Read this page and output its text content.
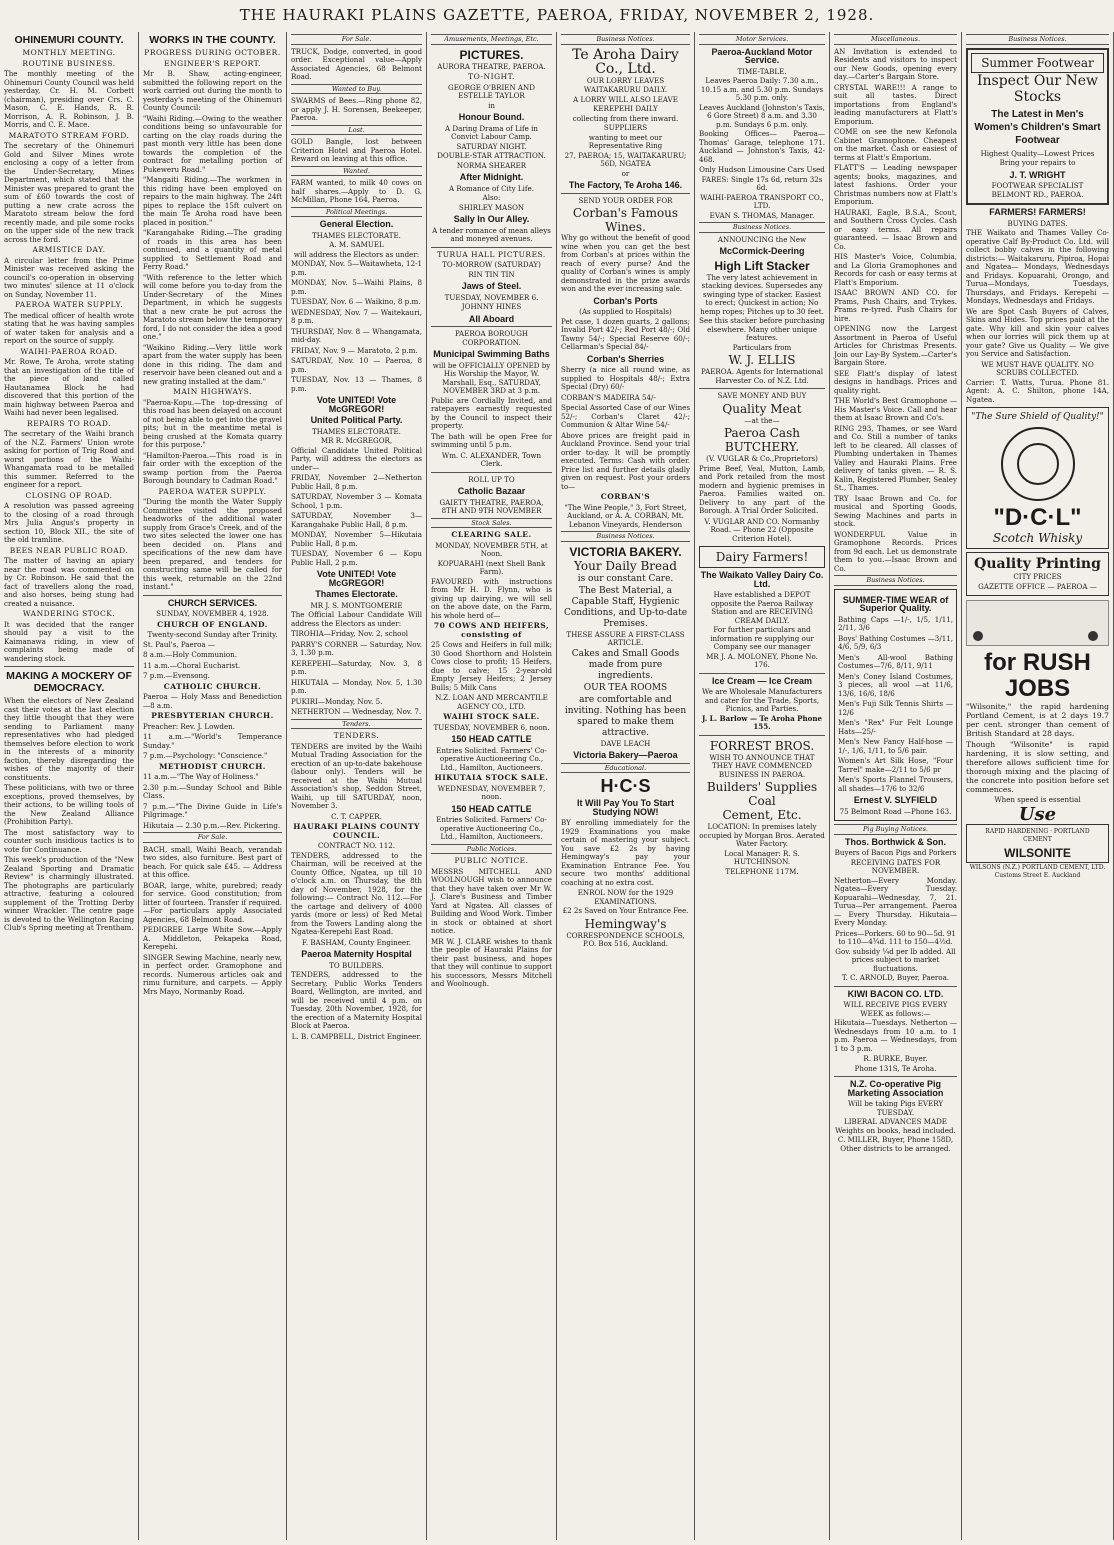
THE HAURAKI PLAINS GAZETTE, PAEROA, FRIDAY, NOVEMBER 2, 1928.
OHINEMURI COUNTY.
MONTHLY MEETING.
ROUTINE BUSINESS.
The monthly meeting of the Ohinemuri County Council was held yesterday, Cr. H. M. Corbett (chairman), presiding over Crs. C. Mason, C. E. Hands, R. R. Morrison, A. R. Robinson, J. B. Morris, and C. E. Mace.
MARATOTO STREAM FORD.
The secretary of the Ohinemuri Gold and Silver Mines wrote enclosing a copy of a letter from the Under-Secretary, Mines Department, which stated that the Minister was prepared to grant the sum of £60 towards the cost of putting a new crate across the Maratoto stream below the ford recently made, and pile some rocks on the upper side of the new track across the ford.
ARMISTICE DAY.
A circular letter from the Prime Minister was received asking the council's co-operation in observing two minutes' silence at 11 o'clock on Sunday, November 11.
PAEROA WATER SUPPLY.
The medical officer of health wrote stating that he was having samples of water taken for analysis and a report on the source of supply.
WAIHI-PAEROA ROAD.
Mr. Rowe, Te Aroha, wrote stating that an investigation of the title of the piece of land called Hautanamea Block he had discovered that this portion of the main highway between Paeroa and Waihi had never been legalised.
REPAIRS TO ROAD.
The secretary of the Waihi branch of the N.Z. Farmers' Union wrote asking for portion of Trig Road and worst portions of the Waihi-Whangamata road to be metalled this summer. Referred to the engineer for a report.
CLOSING OF ROAD.
A resolution was passed agreeing to the closing of a road through Mrs Julia Angus's property in section 10, Block XII., the site of the old tramline.
BEES NEAR PUBLIC ROAD.
The matter of having an apiary near the road was commented on by Cr. Robinson. He said that the fact of travellers along the road, and also horses, being stung had created a nuisance.
WANDERING STOCK.
It was decided that the ranger should pay a visit to the Kaimanawa riding, in view of complaints being made of wandering stock.
MAKING A MOCKERY OF DEMOCRACY.
When the electors of New Zealand cast their votes at the last election they little thought that they were sending to Parliament many representatives who had pledged themselves before election to work in the interests of a minority faction, thereby disregarding the wishes of the majority of their constituents.
These politicians, with two or three exceptions, proved themselves, by their actions, to be willing tools of the New Zealand Alliance (Prohibition Party).
The most satisfactory way to counter such insidious tactics is to vote for Continuance.
This week's production of the "New Zealand Sporting and Dramatic Review" is charmingly illustrated. The photographs are particularly attractive, featuring a coloured supplement of the Trotting Derby winner Wrackler. The centre page is devoted to the Wellington Racing Club's Spring meeting at Trentham.
WORKS IN THE COUNTY.
PROGRESS DURING OCTOBER.
ENGINEER'S REPORT.
Mr B. Shaw, acting-engineer, submitted the following report on the work carried out during the month to yesterday's meeting of the Ohinemuri County Council:
"Waihi Riding.—Owing to the weather conditions being so unfavourable for carting on the clay roads during the past month very little has been done towards the completion of the contract for metalling portion of Pukeweru Road."
"Mangaiti Riding.—The workmen in this riding have been employed on repairs to the main highway. The 24ft pipes to replace the 15ft culvert on the main Te Aroha road have been placed in position."
"Karangahake Riding.—The grading of roads in this area has been continued, and a quantity of metal supplied to Settlement Road and Ferry Road."
"With reference to the letter which will come before you to-day from the Under-Secretary of the Mines Department, in which he suggests that a new crate be put across the Maratoto stream below the temporary ford, I do not consider the idea a good one."
"Waikino Riding.—Very little work apart from the water supply has been done in this riding. The dam and reservoir have been cleaned out and a new grating installed at the dam."
MAIN HIGHWAYS.
"Paeroa-Kopu.—The top-dressing of this road has been delayed on account of not being able to get into the gravel pits; but in the meantime metal is being crushed at the Komata quarry for this purpose."
"Hamilton-Paeroa.—This road is in fair order with the exception of the swamp portion from the Paeroa Borough boundary to Cadman Road."
PAEROA WATER SUPPLY.
"During the month the Water Supply Committee visited the proposed headworks of the additional water supply from Grace's Creek, and of the two sites selected the lower one has been decided on. Plans and specifications of the new dam have been prepared, and tenders for constructing same will be called for this week, returnable on the 22nd instant."
CHURCH SERVICES.
SUNDAY, NOVEMBER 4, 1928.
CHURCH OF ENGLAND.
Twenty-second Sunday after Trinity.
St. Paul's, Paeroa —
8 a.m.—Holy Communion.
11 a.m.—Choral Eucharist.
7 p.m.—Evensong.
CATHOLIC CHURCH.
Paeroa — Holy Mass and Benediction—8 a.m.
PRESBYTERIAN CHURCH.
Preacher: Rev. J. Lowden.
11 a.m.—"World's Temperance Sunday."
7 p.m.—Psychology: "Conscience."
METHODIST CHURCH.
11 a.m.—"The Way of Holiness."
2.30 p.m.—Sunday School and Bible Class.
7 p.m.—"The Divine Guide in Life's Pilgrimage."
Hikutaia — 2.30 p.m.—Rev. Pickering.
For Sale.
BACH, small, Waihi Beach, verandah two sides, also furniture. Best part of beach. For quick sale £45. — Address at this office.
BOAR, large, white, purebred; ready for service. Good constitution; from litter of fourteen. Transfer if required.—For particulars apply Associated Agencies, 68 Belmont Road.
PEDIGREE Large White Sow.—Apply A. Middleton, Pekapeka Road, Kerepehi.
SINGER Sewing Machine, nearly new, in perfect order. Gramophone and records. Numerous articles oak and rimu furniture, and carpets. — Apply Mrs Mayo, Normanby Road.
For Sale.
TRUCK, Dodge, converted, in good order. Exceptional value—Apply Associated Agencies, 68 Belmont Road.
Wanted to Buy.
SWARMS of Bees.—Ring phone 82, or apply J. H. Sorensen, Beekeeper, Paeroa.
Lost.
GOLD Bangle, lost between Criterion Hotel and Paeroa Hotel. Reward on leaving at this office.
Wanted.
FARM wanted, to milk 40 cows on half shares.—Apply to D. G. McMillan, Phone 164, Paeroa.
Political Meetings.
General Election.
THAMES ELECTORATE.
A. M. SAMUEL
will address the Electors as under:
MONDAY, Nov. 5—Waitawheta, 12-1 p.m.
MONDAY, Nov. 5—Waihi Plains, 8 p.m.
TUESDAY, Nov. 6 — Waikino, 8 p.m.
WEDNESDAY, Nov. 7 — Waitekauri, 8 p.m.
THURSDAY, Nov. 8 — Whangamata, mid-day.
FRIDAY, Nov. 9 — Maratoto, 2 p.m.
SATURDAY, Nov. 10 — Paeroa, 8 p.m.
TUESDAY, Nov. 13 — Thames, 8 p.m.
Vote UNITED! Vote McGREGOR!
United Political Party.
THAMES ELECTORATE.
MR R. McGREGOR,
Official Candidate United Political Party, will address the electors as under—
FRIDAY, November 2—Netherton Public Hall, 8 p.m.
SATURDAY, November 3 — Komata School, 1 p.m.
SATURDAY, November 3—Karangahake Public Hall, 8 p.m.
MONDAY, November 5—Hikutaia Public Hall, 8 p.m.
TUESDAY, November 6 — Kopu Public Hall, 2 p.m.
Vote UNITED! Vote McGREGOR!
Thames Electorate.
MR J. S. MONTGOMERIE
The Official Labour Candidate Will address the Electors as under:
TIROHIA—Friday, Nov. 2, school
PARRY'S CORNER — Saturday, Nov. 3, 1.30 p.m.
KEREPEHI—Saturday, Nov. 3, 8 p.m.
HIKUTAIA — Monday, Nov. 5, 1.30 p.m.
PUKIRI—Monday, Nov. 5.
NETHERTON — Wednesday, Nov. 7.
Tenders.
TENDERS.
TENDERS are invited by the Waihi Mutual Trading Association for the erection of an up-to-date bakehouse (labour only). Tenders will be received at the Waihi Mutual Association's shop, Seddon Street, Waihi, up till SATURDAY, noon, November 3.
C. T. CAPPER.
HAURAKI PLAINS COUNTY COUNCIL.
CONTRACT NO. 112.
TENDERS, addressed to the Chairman, will be received at the County Office, Ngatea, up till 10 o'clock a.m. on Thursday, the 8th day of November, 1928, for the following:— Contract No. 112.—For the cartage and delivery of 4000 yards (more or less) of Red Metal from the Towers Landing along the Ngatea-Kerepehi East Road.
F. BASHAM, County Engineer.
Paeroa Maternity Hospital
TO BUILDERS.
TENDERS, addressed to the Secretary, Public Works Tenders Board, Wellington, are invited, and will be received until 4 p.m. on Tuesday, 20th November, 1928, for the erection of a Maternity Hospital Block at Paeroa.
L. B. CAMPBELL, District Engineer.
Amusements, Meetings, Etc.
PICTURES.
AURORA THEATRE, PAEROA.
TO-NIGHT.
GEORGE O'BRIEN AND ESTELLE TAYLOR
in
Honour Bound.
A Daring Drama of Life in Convict Labour Camp.
SATURDAY NIGHT.
DOUBLE-STAR ATTRACTION.
NORMA SHEARER
After Midnight.
A Romance of City Life.
Also:
SHIRLEY MASON
Sally In Our Alley.
A tender romance of mean alleys and moneyed avenues.
TURUA HALL PICTURES.
TO-MORROW (SATURDAY)
RIN TIN TIN
Jaws of Steel.
TUESDAY, NOVEMBER 6.
JOHNNY HINES
All Aboard
PAEROA BOROUGH CORPORATION.
Municipal Swimming Baths
will be OFFICIALLY OPENED by His Worship the Mayor, W. Marshall, Esq., SATURDAY, NOVEMBER 3RD at 3 p.m.
Public are Cordially Invited, and ratepayers earnestly requested by the Council to inspect their property.
The bath will be open Free for swimming until 5 p.m.
Wm. C. ALEXANDER, Town Clerk.
ROLL UP TO
Catholic Bazaar
GAIETY THEATRE, PAEROA, 8TH AND 9TH NOVEMBER
Stock Sales.
CLEARING SALE.
MONDAY, NOVEMBER 5TH, at Noon.
KOPUARAHI (next Shell Bank Farm).
FAVOURED with instructions from Mr H. D. Flynn, who is giving up dairying, we will sell on the above date, on the Farm, his whole herd of—
70 COWS AND HEIFERS, consisting of
25 Cows and Heifers in full milk; 30 Good Shorthorn and Holstein Cows close to profit; 15 Heifers, due to calve; 15 2-year-old Empty Jersey Heifers; 2 Jersey Bulls; 5 Milk Cans
N.Z. LOAN AND MERCANTILE AGENCY CO., LTD.
WAIHI STOCK SALE.
TUESDAY, NOVEMBER 6, noon.
150 HEAD CATTLE
Entries Solicited. Farmers' Co-operative Auctioneering Co., Ltd., Hamilton, Auctioneers.
HIKUTAIA STOCK SALE.
WEDNESDAY, NOVEMBER 7, noon.
150 HEAD CATTLE
Entries Solicited. Farmers' Co-operative Auctioneering Co., Ltd., Hamilton, Auctioneers.
Public Notices.
PUBLIC NOTICE.
MESSRS MITCHELL AND WOOLNOUGH wish to announce that they have taken over Mr W. J. Clare's Business and Timber Yard at Ngatea. All classes of Building and Wood Work. Timber in stock or obtained at short notice.
MR W. J. CLARE wishes to thank the people of Hauraki Plains for their past business, and hopes that they will continue to support his successors, Messrs Mitchell and Woolnough.
Business Notices.
Te Aroha Dairy Co., Ltd.
OUR LORRY LEAVES
WAITAKARURU DAILY.
A LORRY WILL ALSO LEAVE
KEREPEHI DAILY
collecting from there inward.
SUPPLIERS
wanting to meet our Representative Ring
27, PAEROA; 15, WAITAKARURU; 56D, NGATEA
or
The Factory, Te Aroha 146.
SEND YOUR ORDER FOR
Corban's Famous Wines.
Why go without the benefit of good wine when you can get the best from Corban's at prices within the reach of every purse? And the quality of Corban's wines is amply demonstrated in the prize awards won and the ever increasing sale.
Corban's Ports
(As supplied to Hospitals)
Pet case, 1 dozen quarts, 2 gallons; Invalid Port 42/-; Red Port 48/-; Old Tawny 54/-; Special Reserve 60/-; Cellarman's Special 84/-
Corban's Sherries
Sherry (a nice all round wine, as supplied to Hospitals 48/-; Extra Special (Dry) 60/-
CORBAN'S MADEIRA 54/-
Special Assorted Case of our Wines 52/-; Corban's Claret 42/-; Communion & Altar Wine 54/-
Above prices are freight paid in Auckland Province. Send your trial order to-day. It will be promptly executed. Terms: Cash with order. Price list and further details gladly given on request. Post your orders to—
CORBAN'S
"The Wine People," 3, Fort Street, Auckland, or A. A. CORBAN, Mt. Lebanon Vineyards, Henderson
Business Notices.
VICTORIA BAKERY.
Your Daily Bread
is our constant Care.
The Best Material, a Capable Staff, Hygienic Conditions, and Up-to-date Premises.
THESE ASSURE A FIRST-CLASS ARTICLE.
Cakes and Small Goods made from pure ingredients.
OUR TEA ROOMS
are comfortable and inviting. Nothing has been spared to make them attractive.
DAVE LEACH
Victoria Bakery—Paeroa
Educational.
H·C·S
It Will Pay You To Start Studying NOW!
BY enrolling immediately for the 1929 Examinations you make certain of mastering your subject. You save £2 2s by having Hemingway's pay your Examination Entrance Fee. You secure two months' additional coaching at no extra cost.
ENROL NOW for the 1929 EXAMINATIONS.
£2 2s Saved on Your Entrance Fee.
Hemingway's
CORRESPONDENCE SCHOOLS, P.O. Box 516, Auckland.
Motor Services.
Paeroa-Auckland Motor Service.
TIME-TABLE.
Leaves Paeroa Daily: 7.30 a.m., 10.15 a.m. and 5.30 p.m. Sundays 5.30 p.m. only.
Leaves Auckland (Johnston's Taxis, 6 Gore Street) 8 a.m. and 3.30 p.m. Sundays 6 p.m. only.
Booking Offices— Paeroa—Thomas' Garage, telephone 171. Auckland — Johnston's Taxis, 42-468.
Only Hudson Limousine Cars Used
FARES: Single 17s 6d, return 32s 6d.
WAIHI-PAEROA TRANSPORT CO., LTD.
EVAN S. THOMAS, Manager.
Business Notices.
ANNOUNCING the New
McCormick-Deering
High Lift Stacker
The very latest achievement in stacking devices. Supersedes any swinging type of stacker. Easiest to erect; Quickest in action; No hemp ropes; Pitches up to 30 feet.
See this stacker before purchasing elsewhere. Many other unique features.
Particulars from
W. J. ELLIS
PAEROA. Agents for International Harvester Co. of N.Z. Ltd.
SAVE MONEY AND BUY
Quality Meat
—at the—
Paeroa Cash BUTCHERY.
(V. VUGLAR & Co.,Proprietors)
Prime Beef, Veal, Mutton, Lamb, and Pork retailed from the most modern and hygienic premises in Paeroa. Families waited on. Delivery to any part of the Borough. A Trial Order Solicited.
V. VUGLAR AND CO. Normanby Road. — Phone 22 (Opposite Criterion Hotel).
Dairy Farmers!
The Waikato Valley Dairy Co. Ltd.
Have established a DEPOT opposite the Paeroa Railway Station and are RECEIVING CREAM DAILY.
For further particulars and information re supplying our Company see our manager
MR J. A. MOLONEY, Phone No. 176.
Ice Cream — Ice Cream
We are Wholesale Manufacturers and cater for the Trade, Sports, Picnics, and Parties.
J. L. Barlow — Te Aroha Phone 155.
FORREST BROS.
WISH TO ANNOUNCE THAT THEY HAVE COMMENCED BUSINESS IN PAEROA.
Builders' Supplies
Coal
Cement, Etc.
LOCATION: In premises lately occupied by Morgan Bros. Aerated Water Factory.
Local Manager: R. S. HUTCHINSON.
TELEPHONE 117M.
Miscellaneous.
AN Invitation is extended to Residents and visitors to inspect our New Goods, opening every day.—Carter's Bargain Store.
CRYSTAL WARE!!! A range to suit all tastes. Direct importations from England's leading manufacturers at Flatt's Emporium.
COME on see the new Kefonola Cabinet Gramophone. Cheapest on the market. Cash or easiest of terms at Flatt's Emporium.
FLATT'S — Leading newspaper agents; books, magazines, and latest fashions. Order your Christmas numbers now at Flatt's Emporium.
HAURAKI, Eagle, B.S.A., Scout, and Southern Cross Cycles. Cash or easy terms. All repairs guaranteed. — Isaac Brown and Co.
HIS Master's Voice, Columbia, and La Gloria Gramophones and Records for cash or easy terms at Flatt's Emporium.
ISAAC BROWN AND CO. for Prams, Push Chairs, and Trykes. Prams re-tyred. Push Chairs for hire.
OPENING now the Largest Assortment in Paeroa of Useful Articles for Christmas Presents. Join our Lay-By System.—Carter's Bargain Store.
SEE Flatt's display of latest designs in handbags. Prices and quality right.
THE World's Best Gramophone —His Master's Voice. Call and hear them at Isaac Brown and Co's.
RING 293, Thames, or see Ward and Co. Still a number of tanks left to be cleared. All classes of Plumbing undertaken in Thames Valley and Hauraki Plains. Free delivery of tanks given. — R. S. Kalin, Registered Plumber, Sealey St., Thames.
TRY Isaac Brown and Co. for musical and Sporting Goods, Sewing Machines and parts in stock.
WONDERFUL Value in Gramophone Records. Prices from 9d each. Let us demonstrate them to you.—Isaac Brown and Co.
Business Notices.
SUMMER-TIME WEAR of Superior Quality.
Bathing Caps —1/-, 1/5, 1/11, 2/11, 3/6
Boys' Bathing Costumes —3/11, 4/6, 5/9, 6/3
Men's All-wool Bathing Costumes—7/6, 8/11, 9/11
Men's Coney Island Costumes, 3 pieces, all wool —at 11/6, 13/6, 16/6, 18/6
Men's Fuji Silk Tennis Shirts —12/6
Men's "Rex" Fur Felt Lounge Hats—25/-
Men's New Fancy Half-hose —1/-, 1/6, 1/11, to 5/6 pair.
Women's Art Silk Hose, "Four Tarrel" make—2/11 to 5/6 pr
Men's Sports Flannel Trousers, all shades—17/6 to 32/6
Ernest V. SLYFIELD
75 Belmont Road —Phone 163.
Pig Buying Notices.
Thos. Borthwick & Son.
Buyers of Bacon Pigs and Porkers
RECEIVING DATES FOR NOVEMBER.
Netherton—Every Monday. Ngatea—Every Tuesday. Kopuarahi—Wednesday, 7, 21. Turua—Per arrangement. Paeroa — Every Thursday. Hikutaia—Every Monday.
Prices—Porkers. 60 to 90—5d. 91 to 110—4¾d. 111 to 150—4½d.
Gov. subsidy ¼d per lb added. All prices subject to market fluctuations.
T. C. ARNOLD, Buyer, Paeroa.
KIWI BACON CO. LTD.
WILL RECEIVE PIGS EVERY WEEK as follows:—
Hikutaia—Tuesdays. Netherton — Wednesdays from 10 a.m. to 1 p.m. Paeroa — Wednesdays, from 1 to 3 p.m.
R. BURKE, Buyer.
Phone 131S, Te Aroha.
N.Z. Co-operative Pig Marketing Association
Will be taking Pigs EVERY TUESDAY.
LIBERAL ADVANCES MADE Weights on books, head included.
C. MILLER, Buyer, Phone 158D, Other districts to be arranged.
Business Notices.
Summer Footwear
Inspect Our New Stocks
The Latest in Men's Women's Children's Smart Footwear
Highest Quality—Lowest Prices
Bring your repairs to
J. T. WRIGHT
FOOTWEAR SPECIALIST BELMONT RD., PAEROA.
FARMERS! FARMERS!
BUYING DATES.
THE Waikato and Thames Valley Co-operative Calf By-Product Co. Ltd. will collect bobby calves in the following districts:— Waitakaruru, Pipiroa, Hopai and Ngatea— Mondays, Wednesdays and Fridays. Kopuarahi, Orongo, and Turua—Mondays, Tuesdays, Thursdays, and Fridays. Kerepehi — Mondays, Wednesdays and Fridays.
We are Spot Cash Buyers of Calves, Skins and Hides. Top prices paid at the gate. Why kill and skin your calves when our lorries will pick them up at your gate? Give us Quality — We give you Service and Satisfaction.
WE MUST HAVE QUALITY. NO SCRUBS COLLECTED.
Carrier: T. Watts, Turua. Phone 81. Agent: A. C. Shilton, phone 14A, Ngatea.
"The Sure Shield of Quality!"
"D·C·L"
Scotch Whisky
Quality Printing
CITY PRICES
GAZETTE OFFICE — PAEROA —
for RUSH JOBS
"Wilsonite," the rapid hardening Portland Cement, is at 2 days 19.7 per cent. stronger than cement of British Standard at 28 days.
Though "Wilsonite" is rapid hardening, it is slow setting, and therefore allows sufficient time for thorough mixing and the placing of the concrete into position before set commences.
When speed is essential
Use
RAPID HARDENING · PORTLAND CEMENT
WILSONITE
WILSONS (N.Z.) PORTLAND CEMENT, LTD. Customs Street E. Auckland
